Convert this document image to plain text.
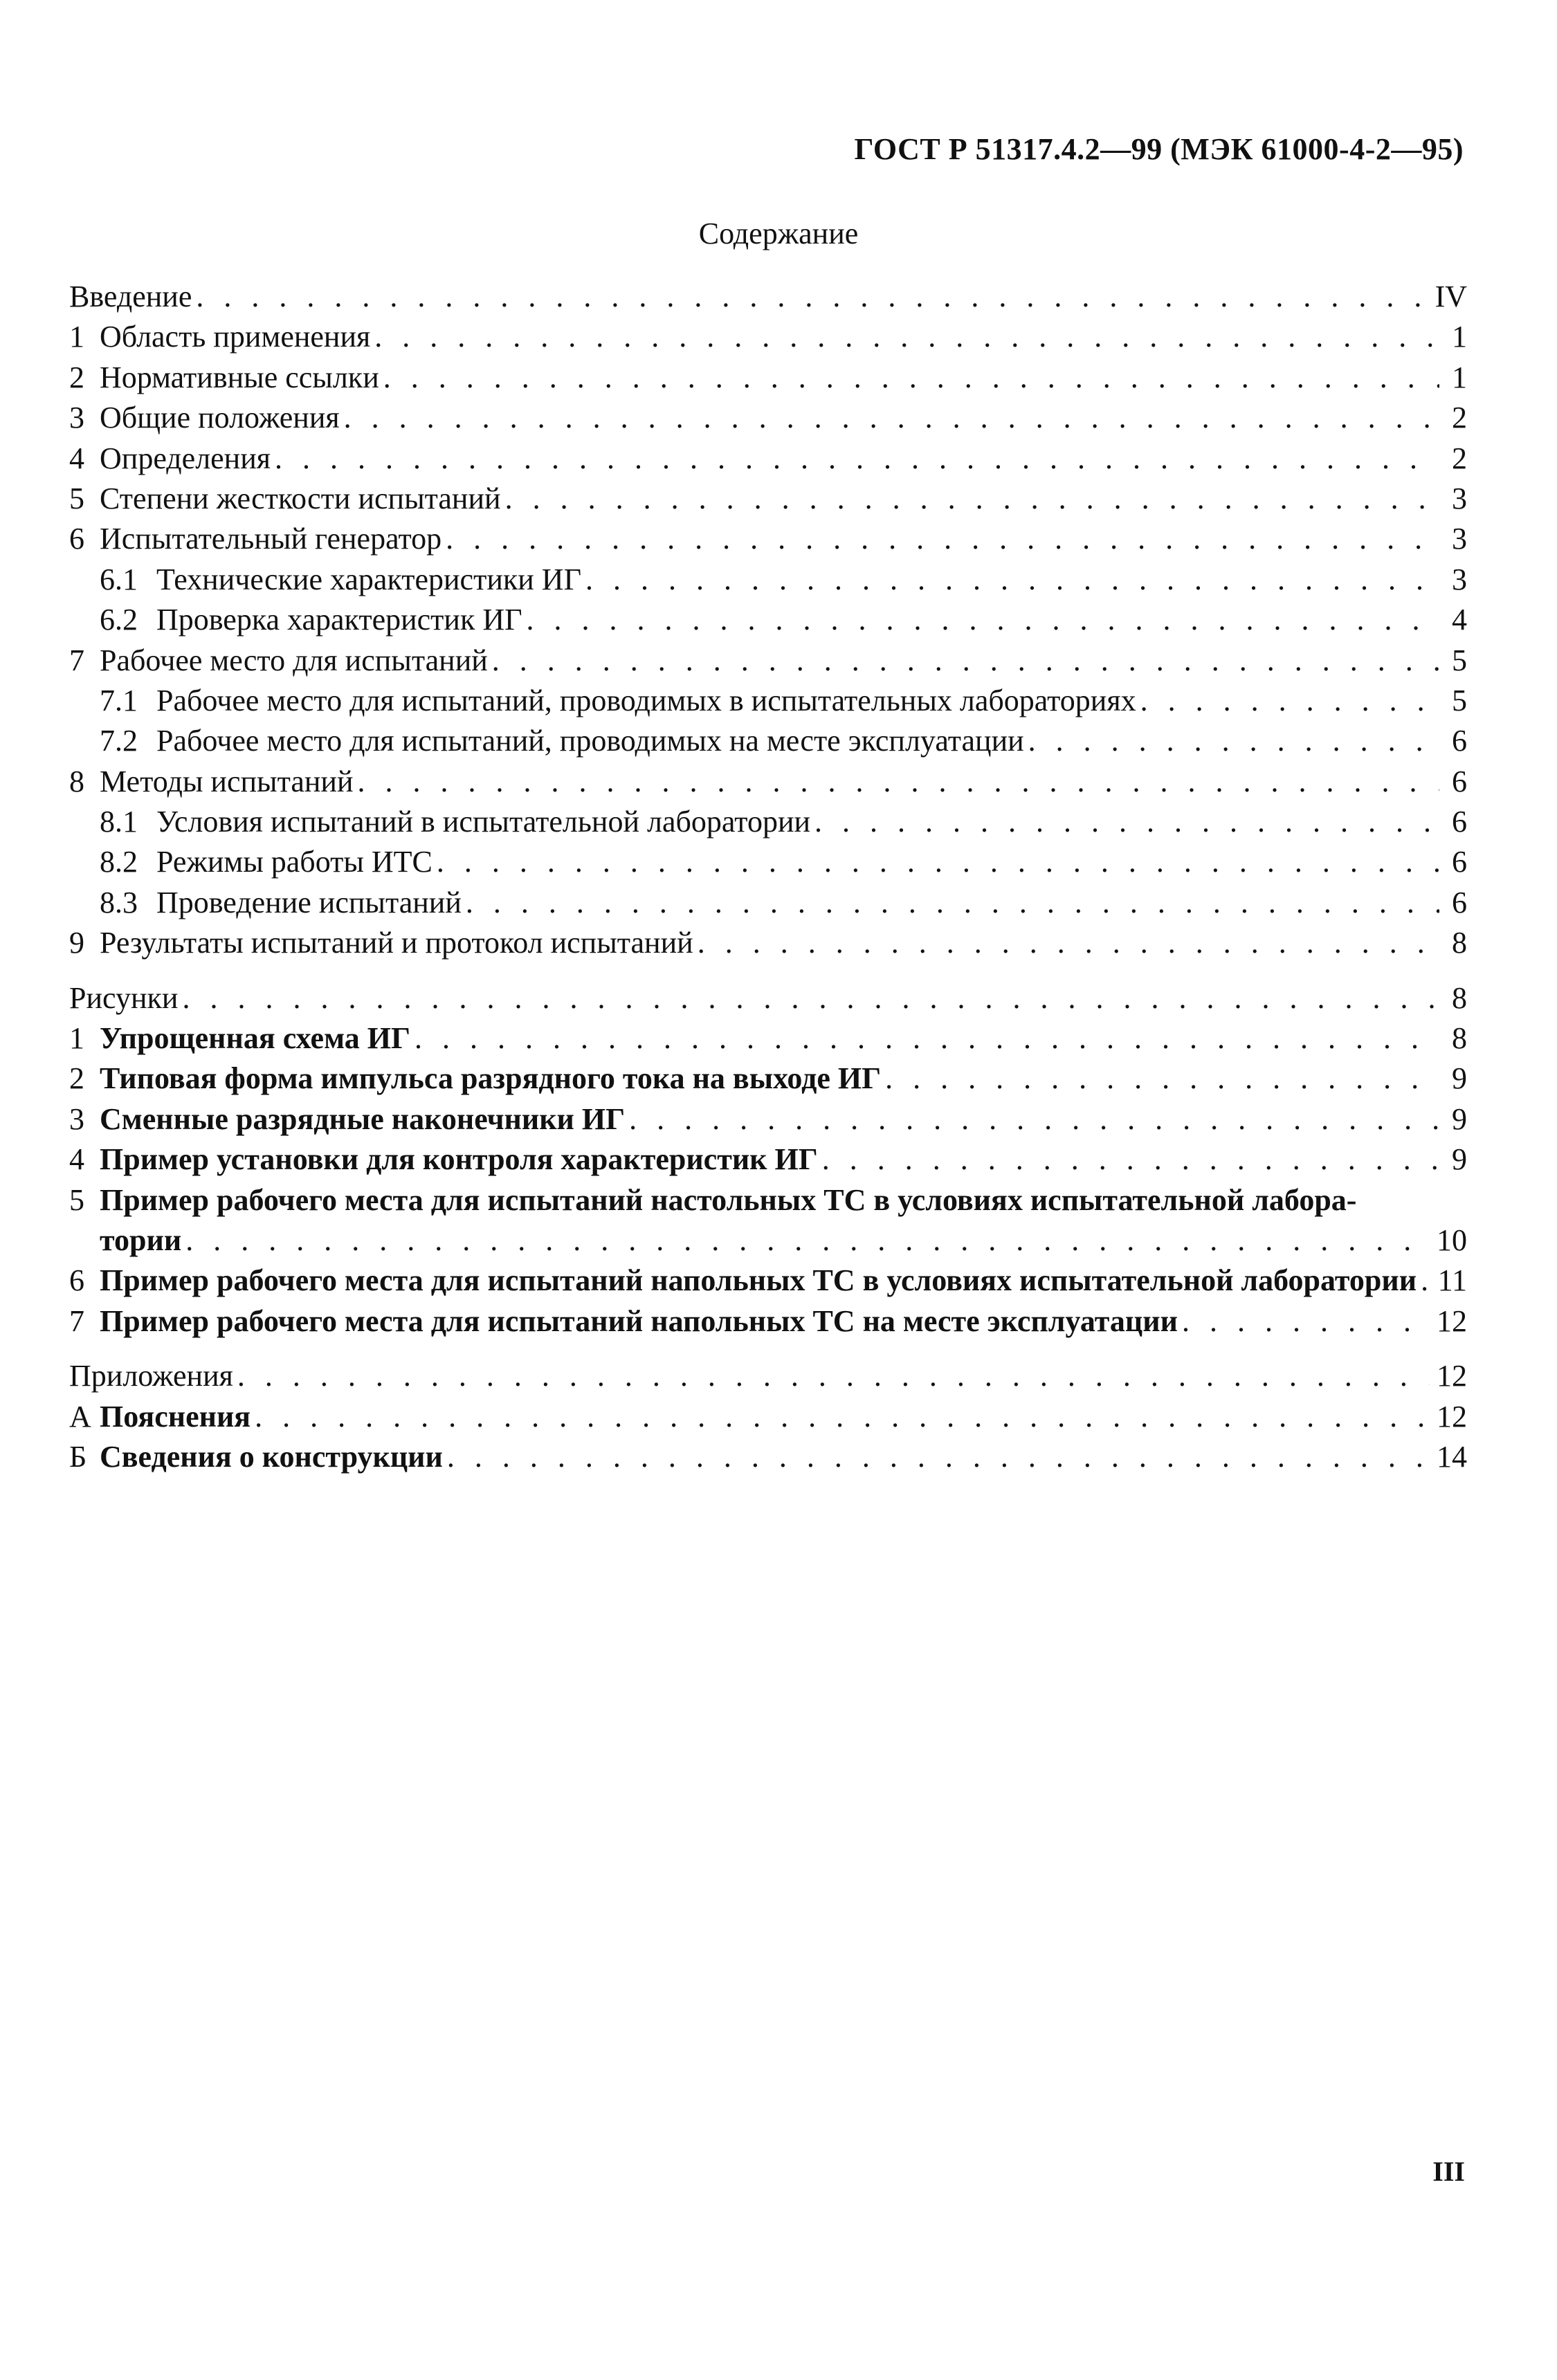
ГОСТ Р 51317.4.2—99 (МЭК 61000-4-2—95)
Содержание
Введение . . .	IV
1 Область применения . . .	1
2 Нормативные ссылки . . .	1
3 Общие положения . . .	2
4 Определения . . .	2
5 Степени жесткости испытаний . . .	3
6 Испытательный генератор . . .	3
6.1 Технические характеристики ИГ . . .	3
6.2 Проверка характеристик ИГ . . .	4
7 Рабочее место для испытаний . . .	5
7.1 Рабочее место для испытаний, проводимых в испытательных лабораториях . . .	5
7.2 Рабочее место для испытаний, проводимых на месте эксплуатации . . .	6
8 Методы испытаний . . .	6
8.1 Условия испытаний в испытательной лаборатории . . .	6
8.2 Режимы работы ИТС . . .	6
8.3 Проведение испытаний . . .	6
9 Результаты испытаний и протокол испытаний . . .	8
Рисунки . . .	8
1 Упрощенная схема ИГ . . .	8
2 Типовая форма импульса разрядного тока на выходе ИГ . . .	9
3 Сменные разрядные наконечники ИГ . . .	9
4 Пример установки для контроля характеристик ИГ . . .	9
5 Пример рабочего места для испытаний настольных ТС в условиях испытательной лабора-
тории . . .	10
6 Пример рабочего места для испытаний напольных ТС в условиях испытательной лаборатории . . . 11
7 Пример рабочего места для испытаний напольных ТС на месте эксплуатации . . .	12
Приложения . . .	12
А Пояснения . . .	12
Б Сведения о конструкции . . .	14
III
